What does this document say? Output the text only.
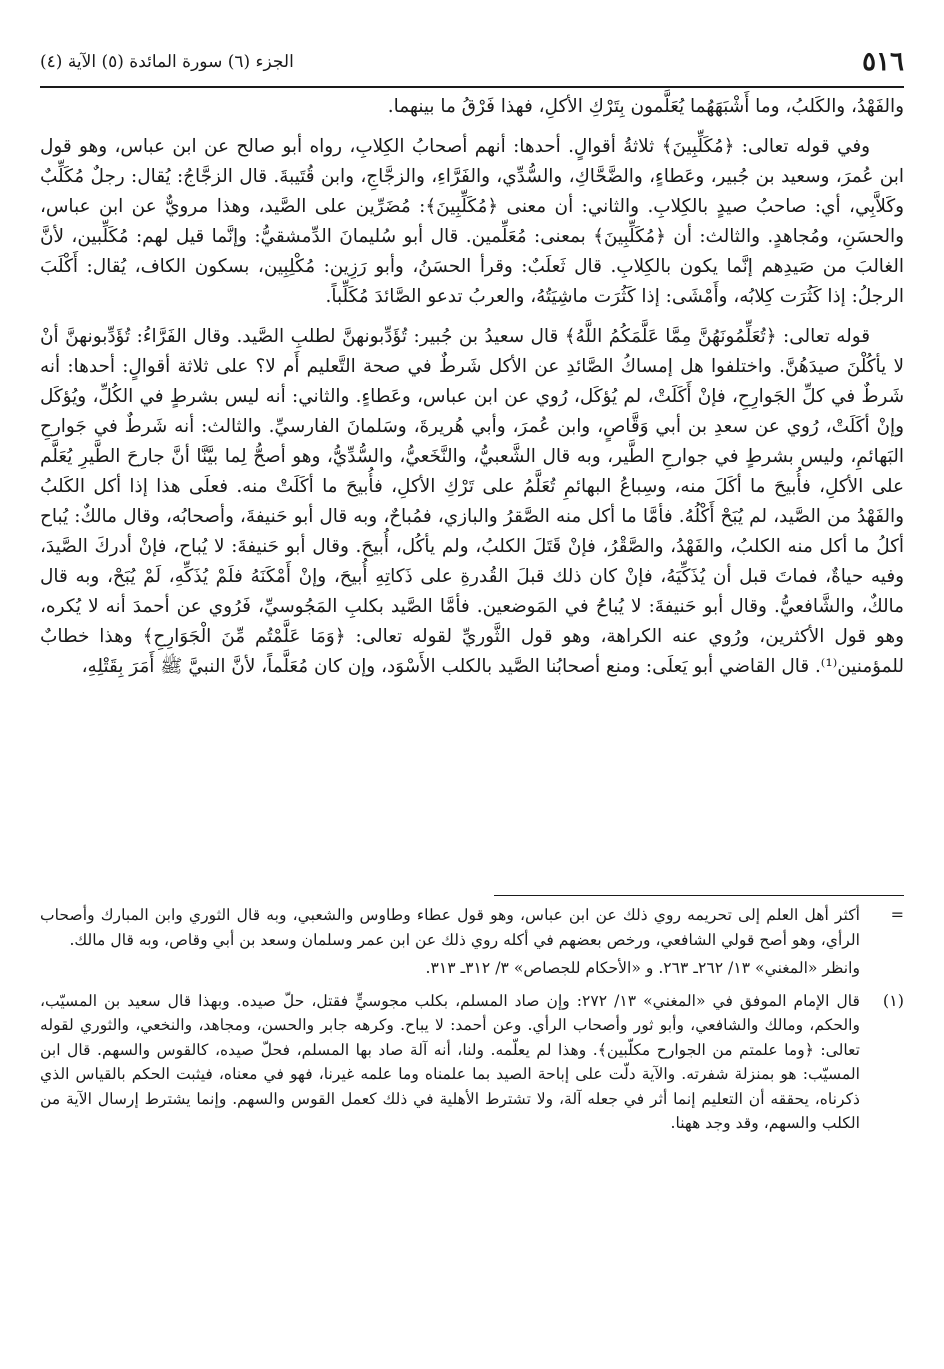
٥١٦
الجزء (٦) سورة المائدة (٥) الآية (٤)

والفَهْدُ، والكَلبُ، وما أَشْبَهَهُما يُعَلَّمون بِتَرْكِ الأكلِ، فهذا فَرْقُ ما بينهما.

وفي قوله تعالى: ﴿مُكَلِّبِينَ﴾ ثلاثةُ أقوالٍ. أحدها: أنهم أصحابُ الكِلابِ، رواه أبو صالح عن ابن عباس، وهو قول ابن عُمرَ، وسعيد بن جُبير، وعَطاءٍ، والضَّحَّاكِ، والسُّدِّي، والفَرَّاءِ، والزجَّاجِ، وابن قُتَيبةَ. قال الزجَّاجُ: يُقال: رجلٌ مُكَلِّبٌ وكَلاَّبِي، أي: صاحبُ صيدٍ بالكِلابِ. والثاني: أن معنى ﴿مُكَلِّبِينَ﴾: مُضَرِّين على الصَّيد، وهذا مرويٌّ عن ابن عباس، والحسَنِ، ومُجاهدٍ. والثالث: أن ﴿مُكَلِّبِينَ﴾ بمعنى: مُعَلِّمين. قال أبو سُليمانَ الدِّمشقيُّ: وإنَّما قيل لهم: مُكَلِّبين، لأنَّ الغالبَ من صَيدِهم إنَّما يكون بالكِلابِ. قال ثَعلَبٌ: وقرأ الحسَنُ، وأبو رَزِين: مُكْلِبِين، بسكون الكاف، يُقال: أَكْلَبَ الرجلُ: إذا كَثُرَت كِلابُه، وأَمْشَى: إذا كَثُرَت ماشِيَتُهُ، والعربُ تدعو الصَّائدَ مُكَلِّباً.

قوله تعالى: ﴿تُعَلِّمُونَهُنَّ مِمَّا عَلَّمَكُمُ اللَّهُ﴾ قال سعيدُ بن جُبير: تُؤَدِّبونهنَّ لطلبِ الصَّيد. وقال الفَرَّاءُ: تُؤَدِّبونهنَّ أنْ لا يأكُلْنَ صيدَهُنَّ. واختلفوا هل إمساكُ الصَّائدِ عن الأكل شَرطٌ في صحة التَّعليم أَم لا؟ على ثلاثة أقوالٍ: أحدها: أنه شَرطٌ في كلِّ الجَوارِحِ، فإنْ أَكَلَتْ، لم يُؤكَل، رُوي عن ابن عباس، وعَطاءٍ. والثاني: أنه ليس بشرطٍ في الكُلِّ، ويُؤكَل وإنْ أكَلَتْ، رُوي عن سعدِ بن أبي وَقَّاصٍ، وابن عُمرَ، وأبي هُريرةَ، وسَلمانَ الفارسيِّ. والثالث: أنه شَرطٌ في جَوارحِ البَهائمِ، وليس بشرطٍ في جوارحِ الطَّير، وبه قال الشَّعبيُّ، والنَّخَعيُّ، والسُّدِّيُّ، وهو أصحُّ لِما بيَّنَّا أنَّ جارحَ الطَّيرِ يُعَلَّم على الأكلِ، فأُبيحَ ما أكَلَ منه، وسِباعُ البهائمِ تُعَلَّمُ على تَرْكِ الأكلِ، فأُبيحَ ما أكَلَتْ منه. فعلَى هذا إذا أكل الكَلبُ والفَهْدُ من الصَّيد، لم يُبَحْ أَكْلُهُ. فأمَّا ما أكل منه الصَّقرُ والبازي، فمُباحٌ، وبه قال أبو حَنيفةَ، وأصحابُه، وقال مالكٌ: يُباح أكلُ ما أكل منه الكلبُ، والفَهْدُ، والصَّقْرُ، فإنْ قَتَلَ الكلبُ، ولم يأكُل، أُبيحَ. وقال أبو حَنيفةَ: لا يُباح، فإنْ أدركَ الصَّيدَ، وفيه حياةٌ، فماتَ قبل أن يُذَكِّيَهُ، فإنْ كان ذلك قبلَ القُدرةِ على ذَكاتِهِ أُبيحَ، وإنْ أَمْكَنَهُ فلَمْ يُذَكِّهِ، لَمْ يُبَحْ، وبه قال مالكٌ، والشَّافعيُّ. وقال أبو حَنيفةَ: لا يُباحُ في المَوضعين. فأمَّا الصَّيد بكلبِ المَجُوسيِّ، فَرُوي عن أحمدَ أنه لا يُكره، وهو قول الأكثرين، ورُوي عنه الكراهة، وهو قول الثَّوريِّ لقوله تعالى: ﴿وَمَا عَلَّمْتُم مِّنَ الْجَوَارِحِ﴾ وهذا خطابٌ للمؤمنين⁽¹⁾. قال القاضي أبو يَعلَى: ومنع أصحابُنا الصَّيد بالكلب الأَسْوَد، وإن كان مُعَلَّماً، لأنَّ النبيَّ ﷺ أَمَرَ بِقَتْلِهِ،

=

أكثر أهل العلم إلى تحريمه روي ذلك عن ابن عباس، وهو قول عطاء وطاوس والشعبي، وبه قال الثوري وابن المبارك وأصحاب الرأي، وهو أصح قولي الشافعي، ورخص بعضهم في أكله روي ذلك عن ابن عمر وسلمان وسعد بن أبي وقاص، وبه قال مالك.

وانظر «المغني» ١٣/ ٢٦٢ـ ٢٦٣. و «الأحكام للجصاص» ٣/ ٣١٢ـ ٣١٣.

(١)

قال الإمام الموفق في «المغني» ١٣/ ٢٧٢: وإن صاد المسلم، بكلب مجوسيٍّ فقتل، حلّ صيده. وبهذا قال سعيد بن المسيّب، والحكم، ومالك والشافعي، وأبو ثور وأصحاب الرأي. وعن أحمد: لا يباح. وكرهه جابر والحسن، ومجاهد، والنخعي، والثوري لقوله تعالى: ﴿وما علمتم من الجوارح مكلّبين﴾. وهذا لم يعلّمه. ولنا، أنه آلة صاد بها المسلم، فحلّ صيده، كالقوس والسهم. قال ابن المسيّب: هو بمنزلة شفرته. والآية دلّت على إباحة الصيد بما علمناه وما علمه غيرنا، فهو في معناه، فيثبت الحكم بالقياس الذي ذكرناه، يحققه أن التعليم إنما أثر في جعله آلة، ولا تشترط الأهلية في ذلك كعمل القوس والسهم. وإنما يشترط إرسال الآية من الكلب والسهم، وقد وجد ههنا.
